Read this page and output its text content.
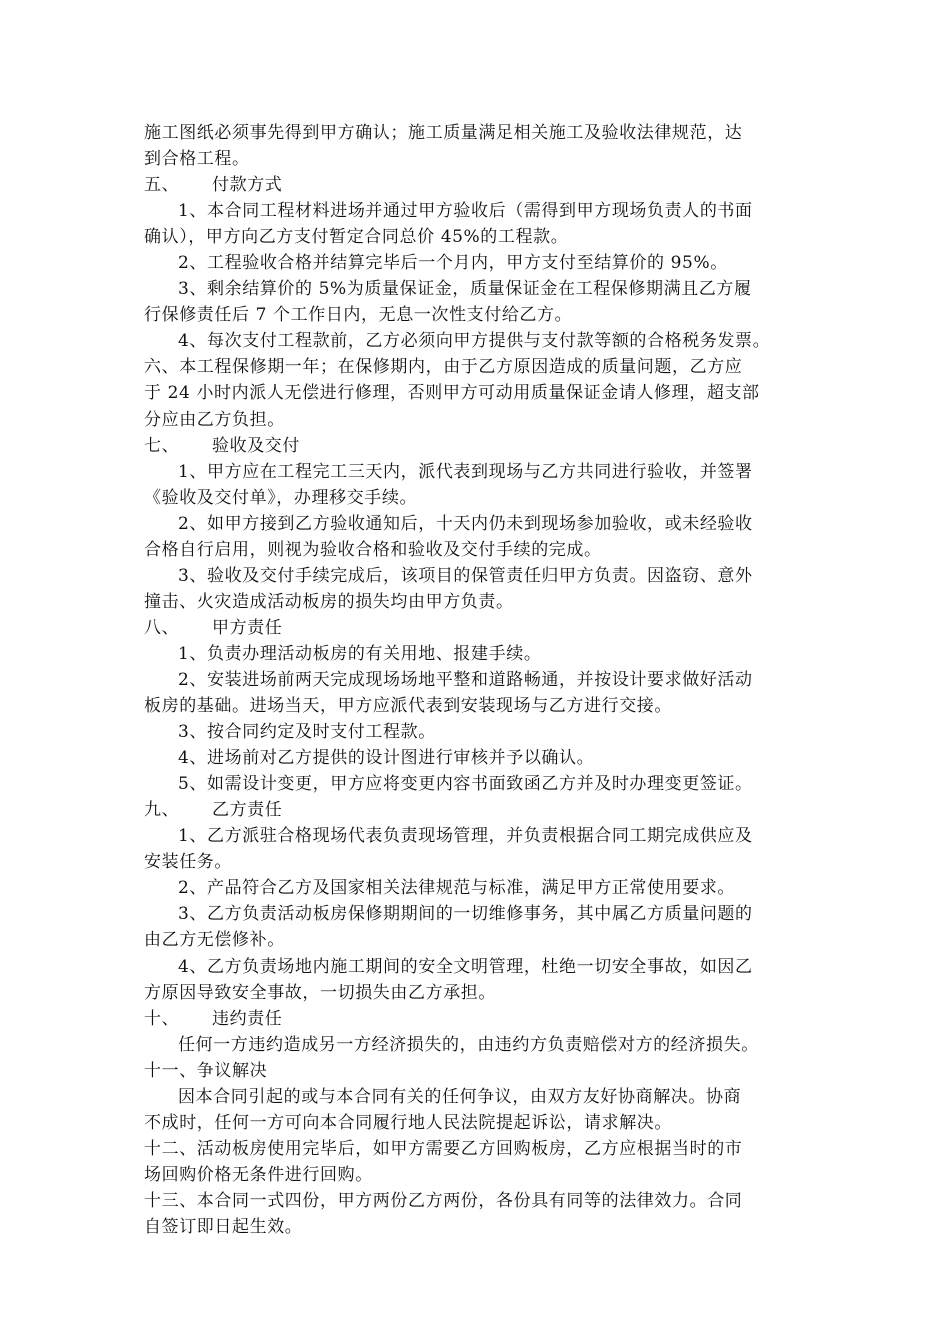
施工图纸必须事先得到甲方确认；施工质量满足相关施工及验收法律规范，达
到合格工程。
五、 付款方式
1、本合同工程材料进场并通过甲方验收后（需得到甲方现场负责人的书面
确认），甲方向乙方支付暂定合同总价 45%的工程款。
2、工程验收合格并结算完毕后一个月内，甲方支付至结算价的 95%。
3、剩余结算价的 5%为质量保证金，质量保证金在工程保修期满且乙方履
行保修责任后 7 个工作日内，无息一次性支付给乙方。
4、每次支付工程款前，乙方必须向甲方提供与支付款等额的合格税务发票。
六、本工程保修期一年；在保修期内，由于乙方原因造成的质量问题，乙方应
于 24 小时内派人无偿进行修理，否则甲方可动用质量保证金请人修理，超支部
分应由乙方负担。
七、 验收及交付
1、甲方应在工程完工三天内，派代表到现场与乙方共同进行验收，并签署
《验收及交付单》，办理移交手续。
2、如甲方接到乙方验收通知后，十天内仍未到现场参加验收，或未经验收
合格自行启用，则视为验收合格和验收及交付手续的完成。
3、验收及交付手续完成后，该项目的保管责任归甲方负责。因盗窃、意外
撞击、火灾造成活动板房的损失均由甲方负责。
八、 甲方责任
1、负责办理活动板房的有关用地、报建手续。
2、安装进场前两天完成现场场地平整和道路畅通，并按设计要求做好活动
板房的基础。进场当天，甲方应派代表到安装现场与乙方进行交接。
3、按合同约定及时支付工程款。
4、进场前对乙方提供的设计图进行审核并予以确认。
5、如需设计变更，甲方应将变更内容书面致函乙方并及时办理变更签证。
九、 乙方责任
1、乙方派驻合格现场代表负责现场管理，并负责根据合同工期完成供应及
安装任务。
2、产品符合乙方及国家相关法律规范与标准，满足甲方正常使用要求。
3、乙方负责活动板房保修期期间的一切维修事务，其中属乙方质量问题的
由乙方无偿修补。
4、乙方负责场地内施工期间的安全文明管理，杜绝一切安全事故，如因乙
方原因导致安全事故，一切损失由乙方承担。
十、 违约责任
任何一方违约造成另一方经济损失的，由违约方负责赔偿对方的经济损失。
十一、争议解决
因本合同引起的或与本合同有关的任何争议，由双方友好协商解决。协商
不成时，任何一方可向本合同履行地人民法院提起诉讼，请求解决。
十二、活动板房使用完毕后，如甲方需要乙方回购板房，乙方应根据当时的市
场回购价格无条件进行回购。
十三、本合同一式四份，甲方两份乙方两份，各份具有同等的法律效力。合同
自签订即日起生效。
